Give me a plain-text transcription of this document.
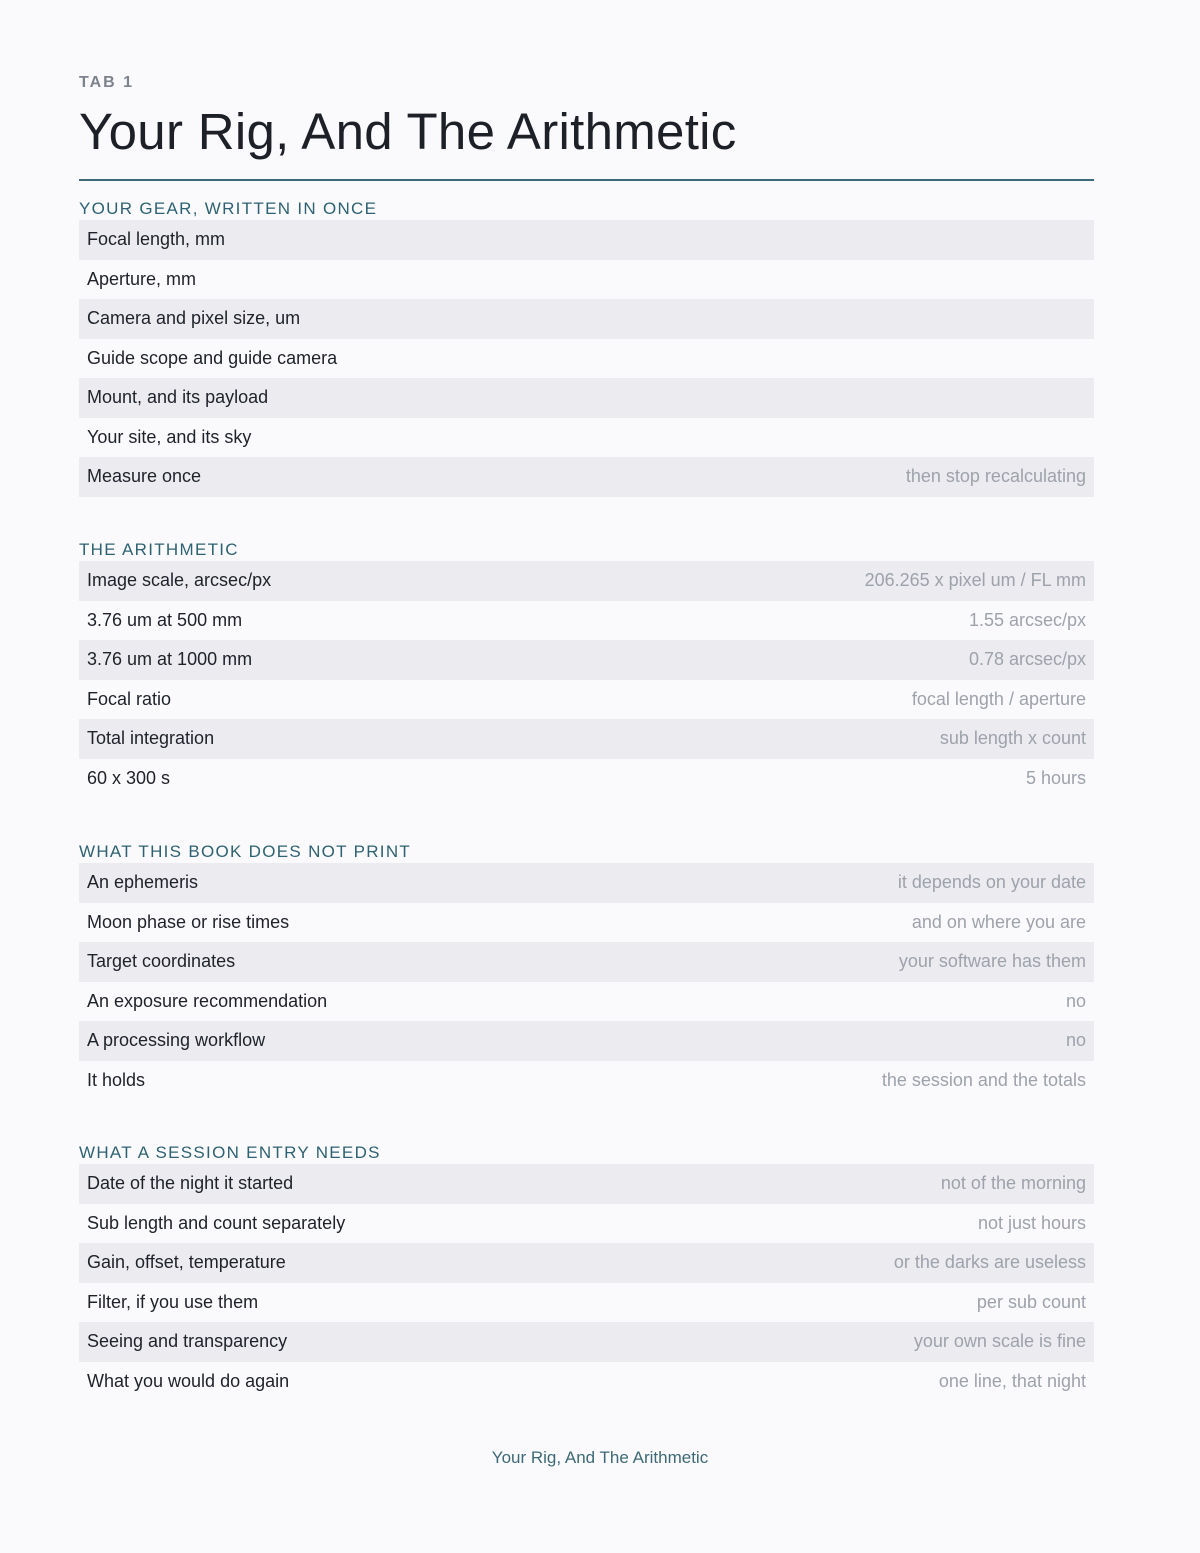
TAB 1
Your Rig, And The Arithmetic
YOUR GEAR, WRITTEN IN ONCE
Focal length, mm
Aperture, mm
Camera and pixel size, um
Guide scope and guide camera
Mount, and its payload
Your site, and its sky
Measure once	then stop recalculating
THE ARITHMETIC
Image scale, arcsec/px	206.265 x pixel um / FL mm
3.76 um at 500 mm	1.55 arcsec/px
3.76 um at 1000 mm	0.78 arcsec/px
Focal ratio	focal length / aperture
Total integration	sub length x count
60 x 300 s	5 hours
WHAT THIS BOOK DOES NOT PRINT
An ephemeris	it depends on your date
Moon phase or rise times	and on where you are
Target coordinates	your software has them
An exposure recommendation	no
A processing workflow	no
It holds	the session and the totals
WHAT A SESSION ENTRY NEEDS
Date of the night it started	not of the morning
Sub length and count separately	not just hours
Gain, offset, temperature	or the darks are useless
Filter, if you use them	per sub count
Seeing and transparency	your own scale is fine
What you would do again	one line, that night
Your Rig, And The Arithmetic
